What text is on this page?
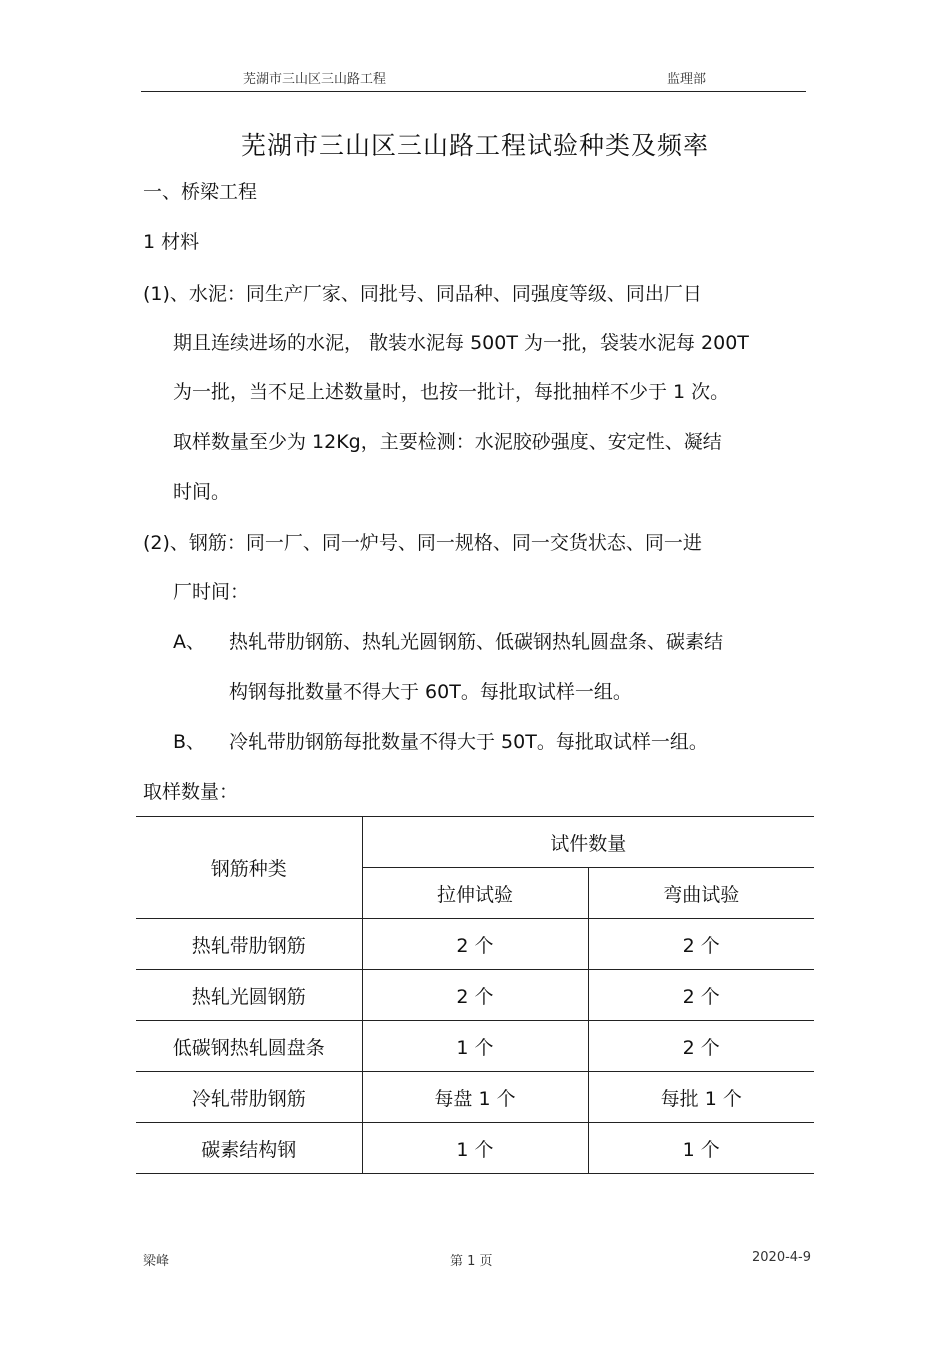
芜湖市三山区三山路工程	监理部
芜湖市三山区三山路工程试验种类及频率
一、桥梁工程
1 材料
(1)、水泥：同生产厂家、同批号、同品种、同强度等级、同出厂日
期且连续进场的水泥， 散装水泥每 500T 为一批，袋装水泥每 200T
为一批，当不足上述数量时，也按一批计，每批抽样不少于 1 次。
取样数量至少为 12Kg，主要检测：水泥胶砂强度、安定性、凝结
时间。
(2)、钢筋：同一厂、同一炉号、同一规格、同一交货状态、同一进
厂时间：
A、 热轧带肋钢筋、热轧光圆钢筋、低碳钢热轧圆盘条、碳素结
构钢每批数量不得大于 60T。每批取试样一组。
B、 冷轧带肋钢筋每批数量不得大于 50T。每批取试样一组。
取样数量：
钢筋种类	试件数量	
	拉伸试验	弯曲试验
热轧带肋钢筋	2 个	2 个
热轧光圆钢筋	2 个	2 个
低碳钢热轧圆盘条	1 个	2 个
冷轧带肋钢筋	每盘 1 个	每批 1 个
碳素结构钢	1 个	1 个
梁峰	第 1 页	2020-4-9
